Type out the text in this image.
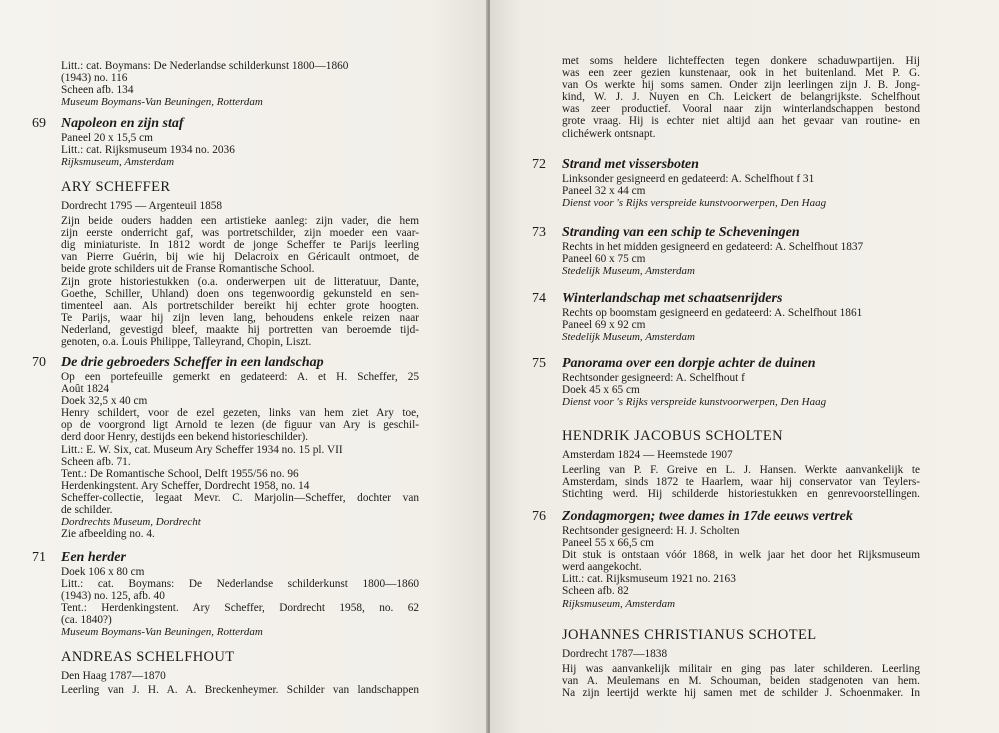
Litt.: cat. Boymans: De Nederlandse schilderkunst 1800—1860
(1943) no. 116
Scheen afb. 134
Museum Boymans-Van Beuningen, Rotterdam
69 Napoleon en zijn staf
Paneel 20 x 15,5 cm
Litt.: cat. Rijksmuseum 1934 no. 2036
Rijksmuseum, Amsterdam
ARY SCHEFFER
Dordrecht 1795 — Argenteuil 1858
Zijn beide ouders hadden een artistieke aanleg: zijn vader, die hem
zijn eerste onderricht gaf, was portretschilder, zijn moeder een vaar-
dig miniaturiste. In 1812 wordt de jonge Scheffer te Parijs leerling
van Pierre Guérin, bij wie hij Delacroix en Géricault ontmoet, de
beide grote schilders uit de Franse Romantische School.
Zijn grote historiestukken (o.a. onderwerpen uit de litteratuur, Dante,
Goethe, Schiller, Uhland) doen ons tegenwoordig gekunsteld en sen-
timenteel aan. Als portretschilder bereikt hij echter grote hoogten.
Te Parijs, waar hij zijn leven lang, behoudens enkele reizen naar
Nederland, gevestigd bleef, maakte hij portretten van beroemde tijd-
genoten, o.a. Louis Philippe, Talleyrand, Chopin, Liszt.
70 De drie gebroeders Scheffer in een landschap
Op een portefeuille gemerkt en gedateerd: A. et H. Scheffer, 25
Août 1824
Doek 32,5 x 40 cm
Henry schildert, voor de ezel gezeten, links van hem ziet Ary toe,
op de voorgrond ligt Arnold te lezen (de figuur van Ary is geschil-
derd door Henry, destijds een bekend historieschilder).
Litt.: E. W. Six, cat. Museum Ary Scheffer 1934 no. 15 pl. VII
Scheen afb. 71.
Tent.: De Romantische School, Delft 1955/56 no. 96
Herdenkingstent. Ary Scheffer, Dordrecht 1958, no. 14
Scheffer-collectie, legaat Mevr. C. Marjolin—Scheffer, dochter van
de schilder.
Dordrechts Museum, Dordrecht
Zie afbeelding no. 4.
71 Een herder
Doek 106 x 80 cm
Litt.: cat. Boymans: De Nederlandse schilderkunst 1800—1860
(1943) no. 125, afb. 40
Tent.: Herdenkingstent. Ary Scheffer, Dordrecht 1958, no. 62
(ca. 1840?)
Museum Boymans-Van Beuningen, Rotterdam
ANDREAS SCHELFHOUT
Den Haag 1787—1870
Leerling van J. H. A. A. Breckenheymer. Schilder van landschappen
met soms heldere lichteffecten tegen donkere schaduwpartijen. Hij
was een zeer gezien kunstenaar, ook in het buitenland. Met P. G.
van Os werkte hij soms samen. Onder zijn leerlingen zijn J. B. Jong-
kind, W. J. J. Nuyen en Ch. Leickert de belangrijkste. Schelfhout
was zeer productief. Vooral naar zijn winterlandschappen bestond
grote vraag. Hij is echter niet altijd aan het gevaar van routine- en
clichéwerk ontsnapt.
72 Strand met vissersboten
Linksonder gesigneerd en gedateerd: A. Schelfhout f 31
Paneel 32 x 44 cm
Dienst voor 's Rijks verspreide kunstvoorwerpen, Den Haag
73 Stranding van een schip te Scheveningen
Rechts in het midden gesigneerd en gedateerd: A. Schelfhout 1837
Paneel 60 x 75 cm
Stedelijk Museum, Amsterdam
74 Winterlandschap met schaatsenrijders
Rechts op boomstam gesigneerd en gedateerd: A. Schelfhout 1861
Paneel 69 x 92 cm
Stedelijk Museum, Amsterdam
75 Panorama over een dorpje achter de duinen
Rechtsonder gesigneerd: A. Schelfhout f
Doek 45 x 65 cm
Dienst voor 's Rijks verspreide kunstvoorwerpen, Den Haag
HENDRIK JACOBUS SCHOLTEN
Amsterdam 1824 — Heemstede 1907
Leerling van P. F. Greive en L. J. Hansen. Werkte aanvankelijk te
Amsterdam, sinds 1872 te Haarlem, waar hij conservator van Teylers-
Stichting werd. Hij schilderde historiestukken en genrevoorstellingen.
76 Zondagmorgen; twee dames in 17de eeuws vertrek
Rechtsonder gesigneerd: H. J. Scholten
Paneel 55 x 66,5 cm
Dit stuk is ontstaan vóór 1868, in welk jaar het door het Rijksmuseum
werd aangekocht.
Litt.: cat. Rijksmuseum 1921 no. 2163
Scheen afb. 82
Rijksmuseum, Amsterdam
JOHANNES CHRISTIANUS SCHOTEL
Dordrecht 1787—1838
Hij was aanvankelijk militair en ging pas later schilderen. Leerling
van A. Meulemans en M. Schouman, beiden stadgenoten van hem.
Na zijn leertijd werkte hij samen met de schilder J. Schoenmaker. In
